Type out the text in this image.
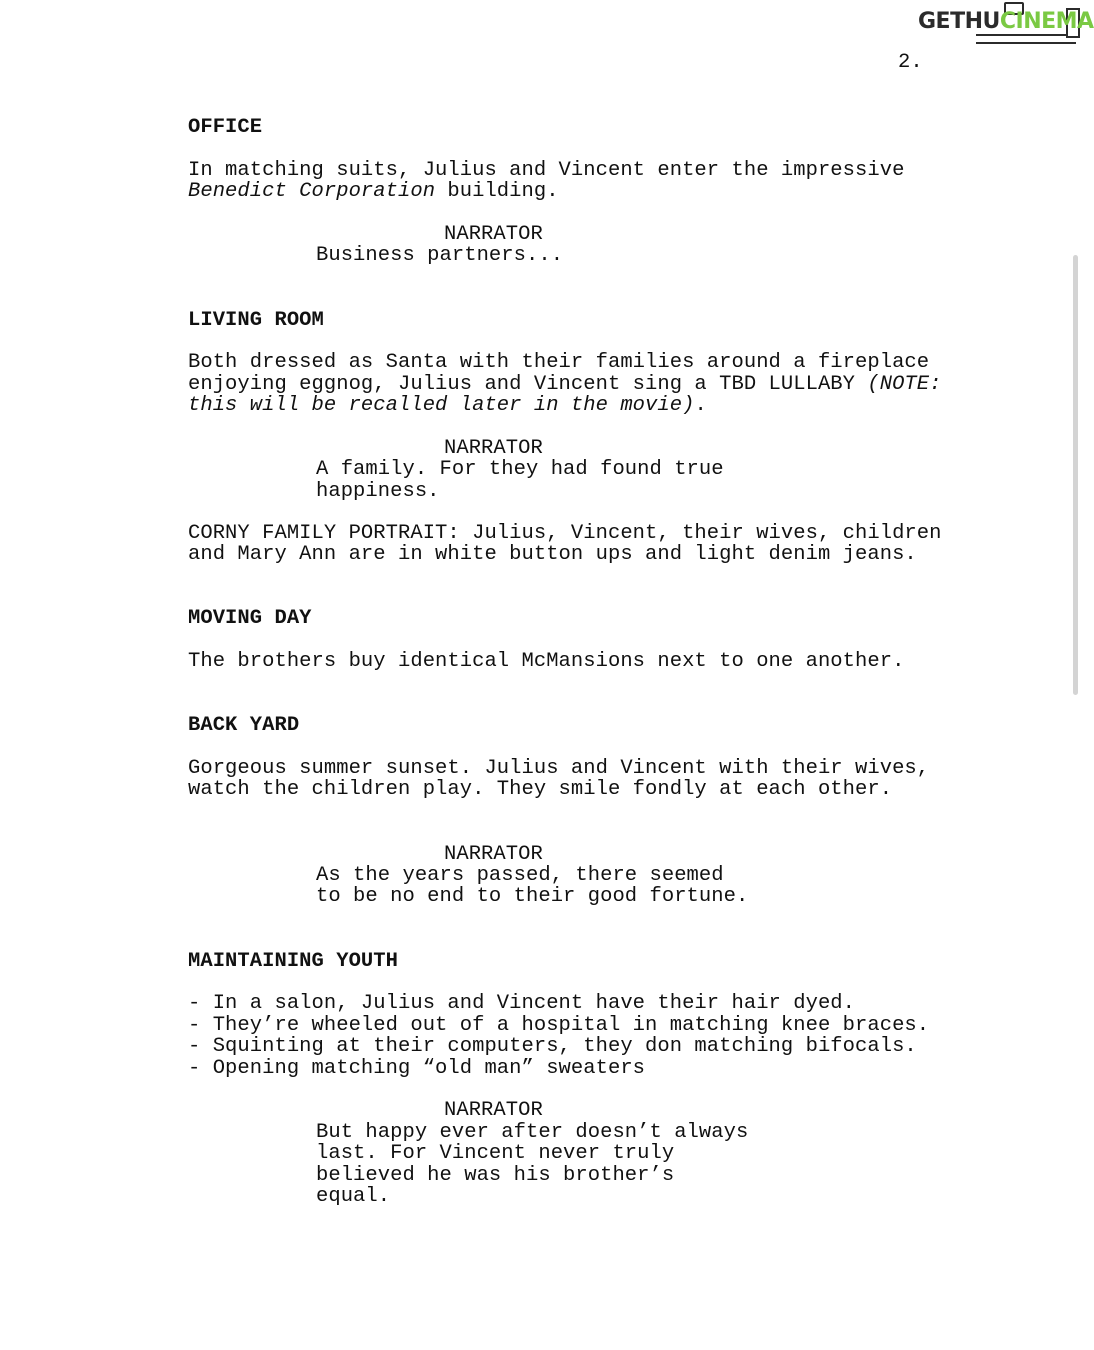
GETHUCINEMA
2.
OFFICE
In matching suits, Julius and Vincent enter the impressive
Benedict Corporation building.
NARRATOR
Business partners...
LIVING ROOM
Both dressed as Santa with their families around a fireplace
enjoying eggnog, Julius and Vincent sing a TBD LULLABY (NOTE:
this will be recalled later in the movie).
NARRATOR
A family. For they had found true
happiness.
CORNY FAMILY PORTRAIT: Julius, Vincent, their wives, children
and Mary Ann are in white button ups and light denim jeans.
MOVING DAY
The brothers buy identical McMansions next to one another.
BACK YARD
Gorgeous summer sunset. Julius and Vincent with their wives,
watch the children play. They smile fondly at each other.
NARRATOR
As the years passed, there seemed
to be no end to their good fortune.
MAINTAINING YOUTH
- In a salon, Julius and Vincent have their hair dyed.
- They’re wheeled out of a hospital in matching knee braces.
- Squinting at their computers, they don matching bifocals.
- Opening matching “old man” sweaters
NARRATOR
But happy ever after doesn’t always
last. For Vincent never truly
believed he was his brother’s
equal.
